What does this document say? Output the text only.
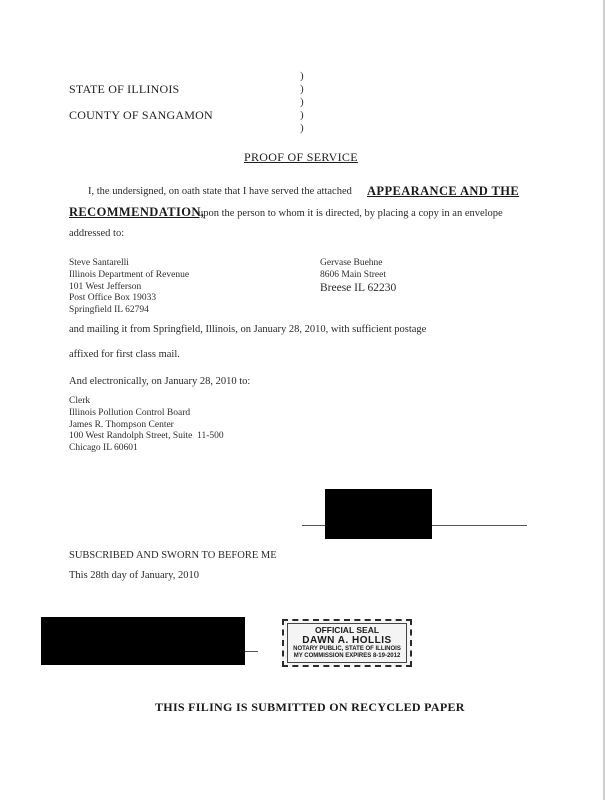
STATE OF ILLINOIS
COUNTY OF SANGAMON
)
)
)
)
)
PROOF OF SERVICE
I, the undersigned, on oath state that I have served the attached APPEARANCE AND THE
RECOMMENDATION,
upon the person to whom it is directed, by placing a copy in an envelope
addressed to:
Steve Santarelli
Illinois Department of Revenue
101 West Jefferson
Post Office Box 19033
Springfield IL 62794
Gervase Buehne
8606 Main Street
Breese IL 62230
and mailing it from Springfield, Illinois, on January 28, 2010, with sufficient postage
affixed for first class mail.
And electronically, on January 28, 2010 to:
Clerk
Illinois Pollution Control Board
James R. Thompson Center
100 West Randolph Street, Suite  11-500
Chicago IL 60601
SUBSCRIBED AND SWORN TO BEFORE ME
This 28th day of January, 2010
OFFICIAL SEAL
DAWN A. HOLLIS
NOTARY PUBLIC, STATE OF ILLINOIS
MY COMMISSION EXPIRES 8-19-2012
THIS FILING IS SUBMITTED ON RECYCLED PAPER
